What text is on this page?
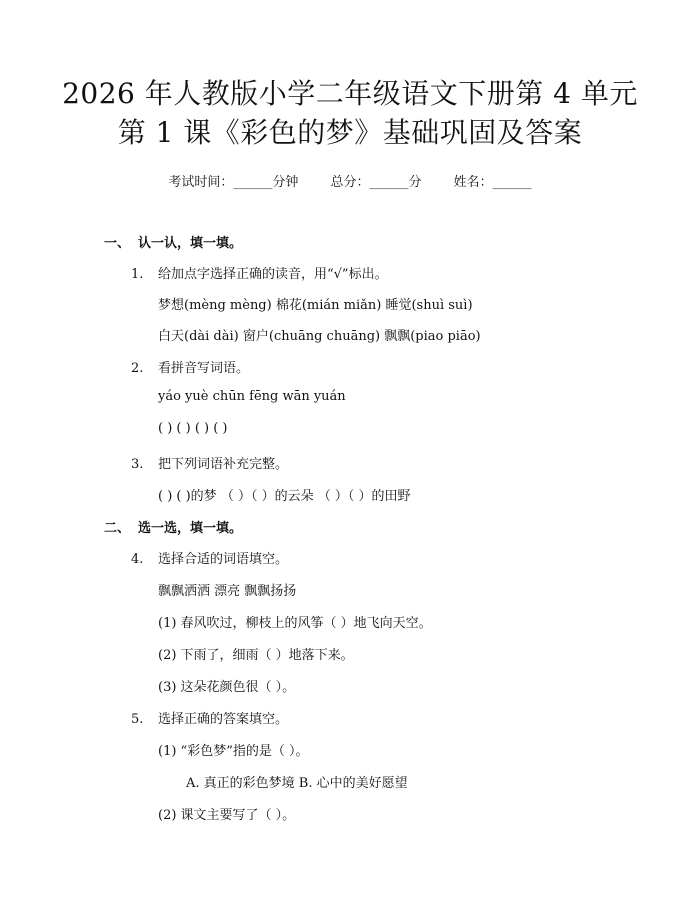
2026 年人教版小学二年级语文下册第 4 单元
第 1 课《彩色的梦》基础巩固及答案
考试时间：______分钟 总分：______分 姓名：______
一、 认一认，填一填。
1. 给加点字选择正确的读音，用“√”标出。
梦想(mèng mèng) 棉花(mián miǎn) 睡觉(shuì suì)
白天(dài dài) 窗户(chuāng chuāng) 飘飘(piao piāo)
2. 看拼音写词语。
yáo yuè chūn fēng wān yuán
( ) ( ) ( ) ( )
3. 把下列词语补充完整。
( ) ( )的梦 （ ）（ ）的云朵 （ ）（ ）的田野
二、 选一选，填一填。
4. 选择合适的词语填空。
飘飘洒洒 漂亮 飘飘扬扬
(1) 春风吹过，柳枝上的风筝（ ）地飞向天空。
(2) 下雨了，细雨（ ）地落下来。
(3) 这朵花颜色很（ ）。
5. 选择正确的答案填空。
(1) “彩色梦”指的是（ ）。
A. 真正的彩色梦境 B. 心中的美好愿望
(2) 课文主要写了（ ）。
